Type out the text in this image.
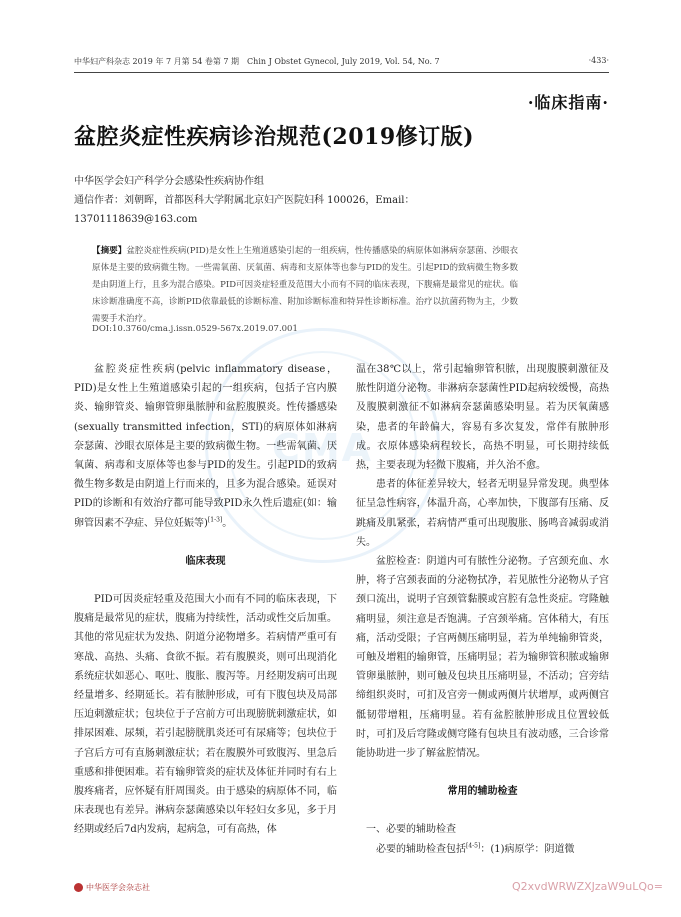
中华妇产科杂志 2019 年 7 月第 54 卷第 7 期　Chin J Obstet Gynecol, July 2019, Vol. 54, No. 7	·433·
·临床指南·
盆腔炎症性疾病诊治规范(2019修订版)
中华医学会妇产科学分会感染性疾病协作组
通信作者：刘朝晖，首都医科大学附属北京妇产医院妇科 100026，Email：
13701118639@163.com
CMA
【摘要】盆腔炎症性疾病(PID)是女性上生殖道感染引起的一组疾病，性传播感染的病原体如淋病奈瑟菌、沙眼衣原体是主要的致病微生物。一些需氧菌、厌氧菌、病毒和支原体等也参与PID的发生。引起PID的致病微生物多数是由阴道上行，且多为混合感染。PID可因炎症轻重及范围大小而有不同的临床表现，下腹痛是最常见的症状。临床诊断准确度不高，诊断PID依靠最低的诊断标准、附加诊断标准和特异性诊断标准。治疗以抗菌药物为主，少数需要手术治疗。
DOI:10.3760/cma.j.issn.0529-567x.2019.07.001

盆腔炎症性疾病(pelvic inflammatory disease，PID)是女性上生殖道感染引起的一组疾病，包括子宫内膜炎、输卵管炎、输卵管卵巢脓肿和盆腔腹膜炎。性传播感染(sexually transmitted infection，STI)的病原体如淋病奈瑟菌、沙眼衣原体是主要的致病微生物。一些需氧菌、厌氧菌、病毒和支原体等也参与PID的发生。引起PID的致病微生物多数是由阴道上行而来的，且多为混合感染。延误对PID的诊断和有效治疗都可能导致PID永久性后遗症(如：输卵管因素不孕症、异位妊娠等)[1-3]。

临床表现

PID可因炎症轻重及范围大小而有不同的临床表现，下腹痛是最常见的症状，腹痛为持续性，活动或性交后加重。其他的常见症状为发热、阴道分泌物增多。若病情严重可有寒战、高热、头痛、食欲不振。若有腹膜炎，则可出现消化系统症状如恶心、呕吐、腹胀、腹泻等。月经期发病可出现经量增多、经期延长。若有脓肿形成，可有下腹包块及局部压迫刺激症状；包块位于子宫前方可出现膀胱刺激症状，如排尿困难、尿频，若引起膀胱肌炎还可有尿痛等；包块位于子宫后方可有直肠刺激症状；若在腹膜外可致腹泻、里急后重感和排便困难。若有输卵管炎的症状及体征并同时有右上腹疼痛者，应怀疑有肝周围炎。由于感染的病原体不同，临床表现也有差异。淋病奈瑟菌感染以年轻妇女多见，多于月经期或经后7d内发病，起病急，可有高热，体

温在38℃以上，常引起输卵管积脓，出现腹膜刺激征及脓性阴道分泌物。非淋病奈瑟菌性PID起病较缓慢，高热及腹膜刺激征不如淋病奈瑟菌感染明显。若为厌氧菌感染，患者的年龄偏大，容易有多次复发，常伴有脓肿形成。衣原体感染病程较长，高热不明显，可长期持续低热，主要表现为轻微下腹痛，并久治不愈。

患者的体征差异较大，轻者无明显异常发现。典型体征呈急性病容，体温升高，心率加快，下腹部有压痛、反跳痛及肌紧张，若病情严重可出现腹胀、肠鸣音减弱或消失。

盆腔检查：阴道内可有脓性分泌物。子宫颈充血、水肿，将子宫颈表面的分泌物拭净，若见脓性分泌物从子宫颈口流出，说明子宫颈管黏膜或宫腔有急性炎症。穹隆触痛明显，须注意是否饱满。子宫颈举痛。宫体稍大，有压痛，活动受限；子宫两侧压痛明显，若为单纯输卵管炎，可触及增粗的输卵管，压痛明显；若为输卵管积脓或输卵管卵巢脓肿，则可触及包块且压痛明显，不活动；宫旁结缔组织炎时，可扪及宫旁一侧或两侧片状增厚，或两侧宫骶韧带增粗，压痛明显。若有盆腔脓肿形成且位置较低时，可扪及后穹隆或侧穹隆有包块且有波动感，三合诊常能协助进一步了解盆腔情况。

常用的辅助检查

一、必要的辅助检查

必要的辅助检查包括[4-5]：(1)病原学：阴道微

中华医学会杂志社	Q2xvdWRWZXJzaW9uLQo=
